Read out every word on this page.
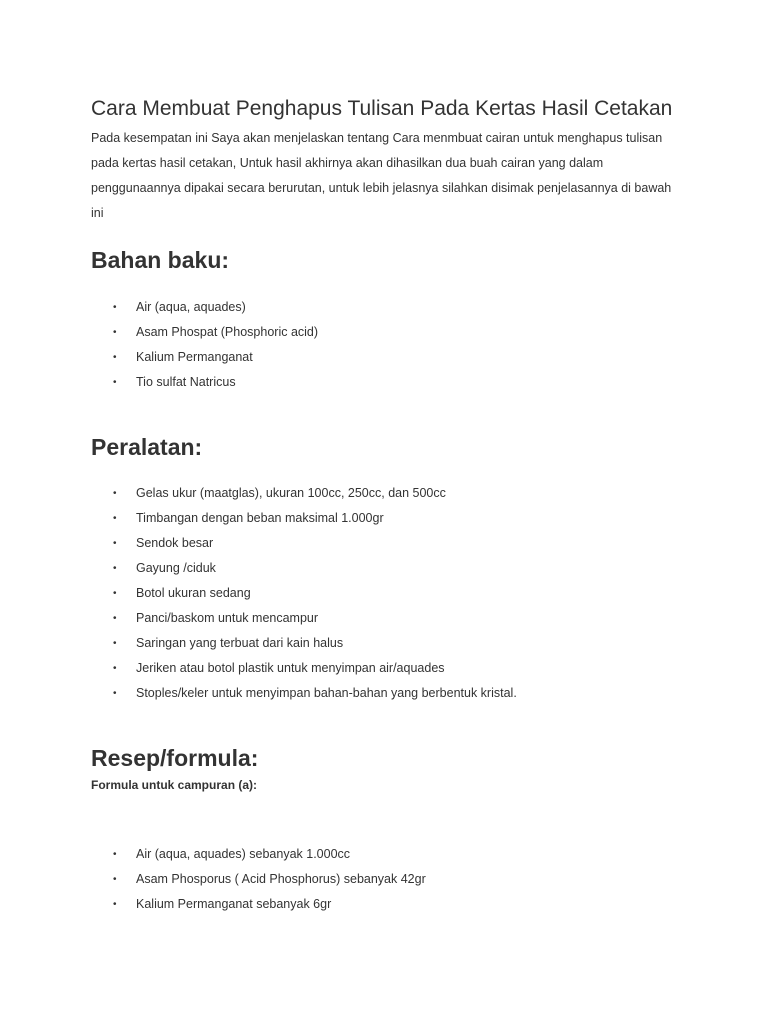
Cara Membuat Penghapus Tulisan Pada Kertas Hasil Cetakan

Pada kesempatan ini Saya akan menjelaskan tentang Cara menmbuat cairan untuk menghapus tulisan
pada kertas hasil cetakan, Untuk hasil akhirnya akan dihasilkan dua buah cairan yang dalam
penggunaannya dipakai secara berurutan, untuk lebih jelasnya silahkan disimak penjelasannya di bawah
ini

Bahan baku:
• Air (aqua, aquades)
• Asam Phospat (Phosphoric acid)
• Kalium Permanganat
• Tio sulfat Natricus
Peralatan:
• Gelas ukur (maatglas), ukuran 100cc, 250cc, dan 500cc
• Timbangan dengan beban maksimal 1.000gr
• Sendok besar
• Gayung /ciduk
• Botol ukuran sedang
• Panci/baskom untuk mencampur
• Saringan yang terbuat dari kain halus
• Jeriken atau botol plastik untuk menyimpan air/aquades
• Stoples/keler untuk menyimpan bahan-bahan yang berbentuk kristal.
Resep/formula:

Formula untuk campuran (a):

• Air (aqua, aquades) sebanyak 1.000cc
• Asam Phosporus ( Acid Phosphorus) sebanyak 42gr
• Kalium Permanganat sebanyak 6gr
